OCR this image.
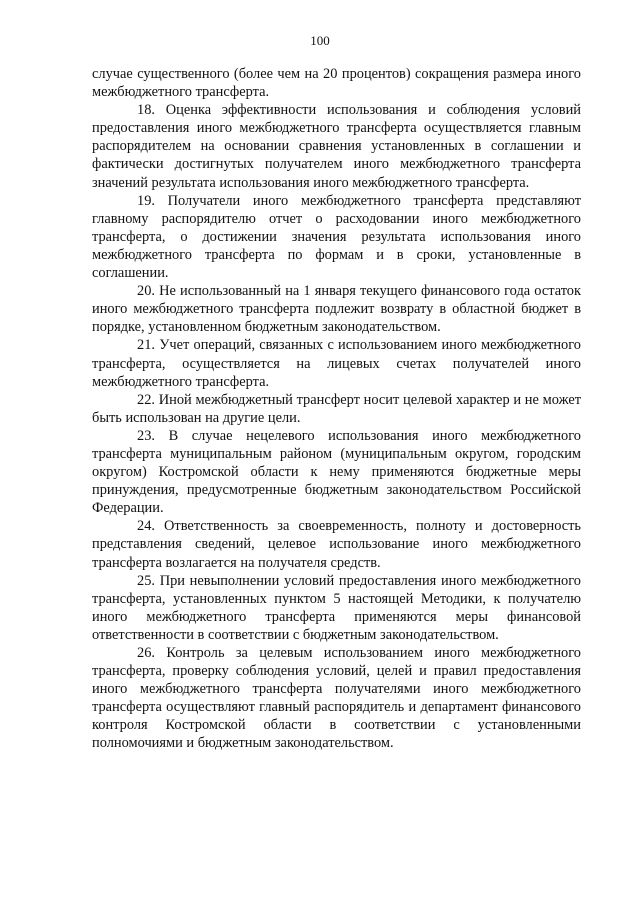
100

случае существенного (более чем на 20 процентов) сокращения размера иного межбюджетного трансферта.

18. Оценка эффективности использования и соблюдения условий предоставления иного межбюджетного трансферта осуществляется главным распорядителем на основании сравнения установленных в соглашении и фактически достигнутых получателем иного межбюджетного трансферта значений результата использования иного межбюджетного трансферта.

19. Получатели иного межбюджетного трансферта представляют главному распорядителю отчет о расходовании иного межбюджетного трансферта, о достижении значения результата использования иного межбюджетного трансферта по формам и в сроки, установленные в соглашении.

20. Не использованный на 1 января текущего финансового года остаток иного межбюджетного трансферта подлежит возврату в областной бюджет в порядке, установленном бюджетным законодательством.

21. Учет операций, связанных с использованием иного межбюджетного трансферта, осуществляется на лицевых счетах получателей иного межбюджетного трансферта.

22. Иной межбюджетный трансферт носит целевой характер и не может быть использован на другие цели.

23. В случае нецелевого использования иного межбюджетного трансферта муниципальным районом (муниципальным округом, городским округом) Костромской области к нему применяются бюджетные меры принуждения, предусмотренные бюджетным законодательством Российской Федерации.

24. Ответственность за своевременность, полноту и достоверность представления сведений, целевое использование иного межбюджетного трансферта возлагается на получателя средств.

25. При невыполнении условий предоставления иного межбюджетного трансферта, установленных пунктом 5 настоящей Методики, к получателю иного межбюджетного трансферта применяются меры финансовой ответственности в соответствии с бюджетным законодательством.

26. Контроль за целевым использованием иного межбюджетного трансферта, проверку соблюдения условий, целей и правил предоставления иного межбюджетного трансферта получателями иного межбюджетного трансферта осуществляют главный распорядитель и департамент финансового контроля Костромской области в соответствии с установленными полномочиями и бюджетным законодательством.
